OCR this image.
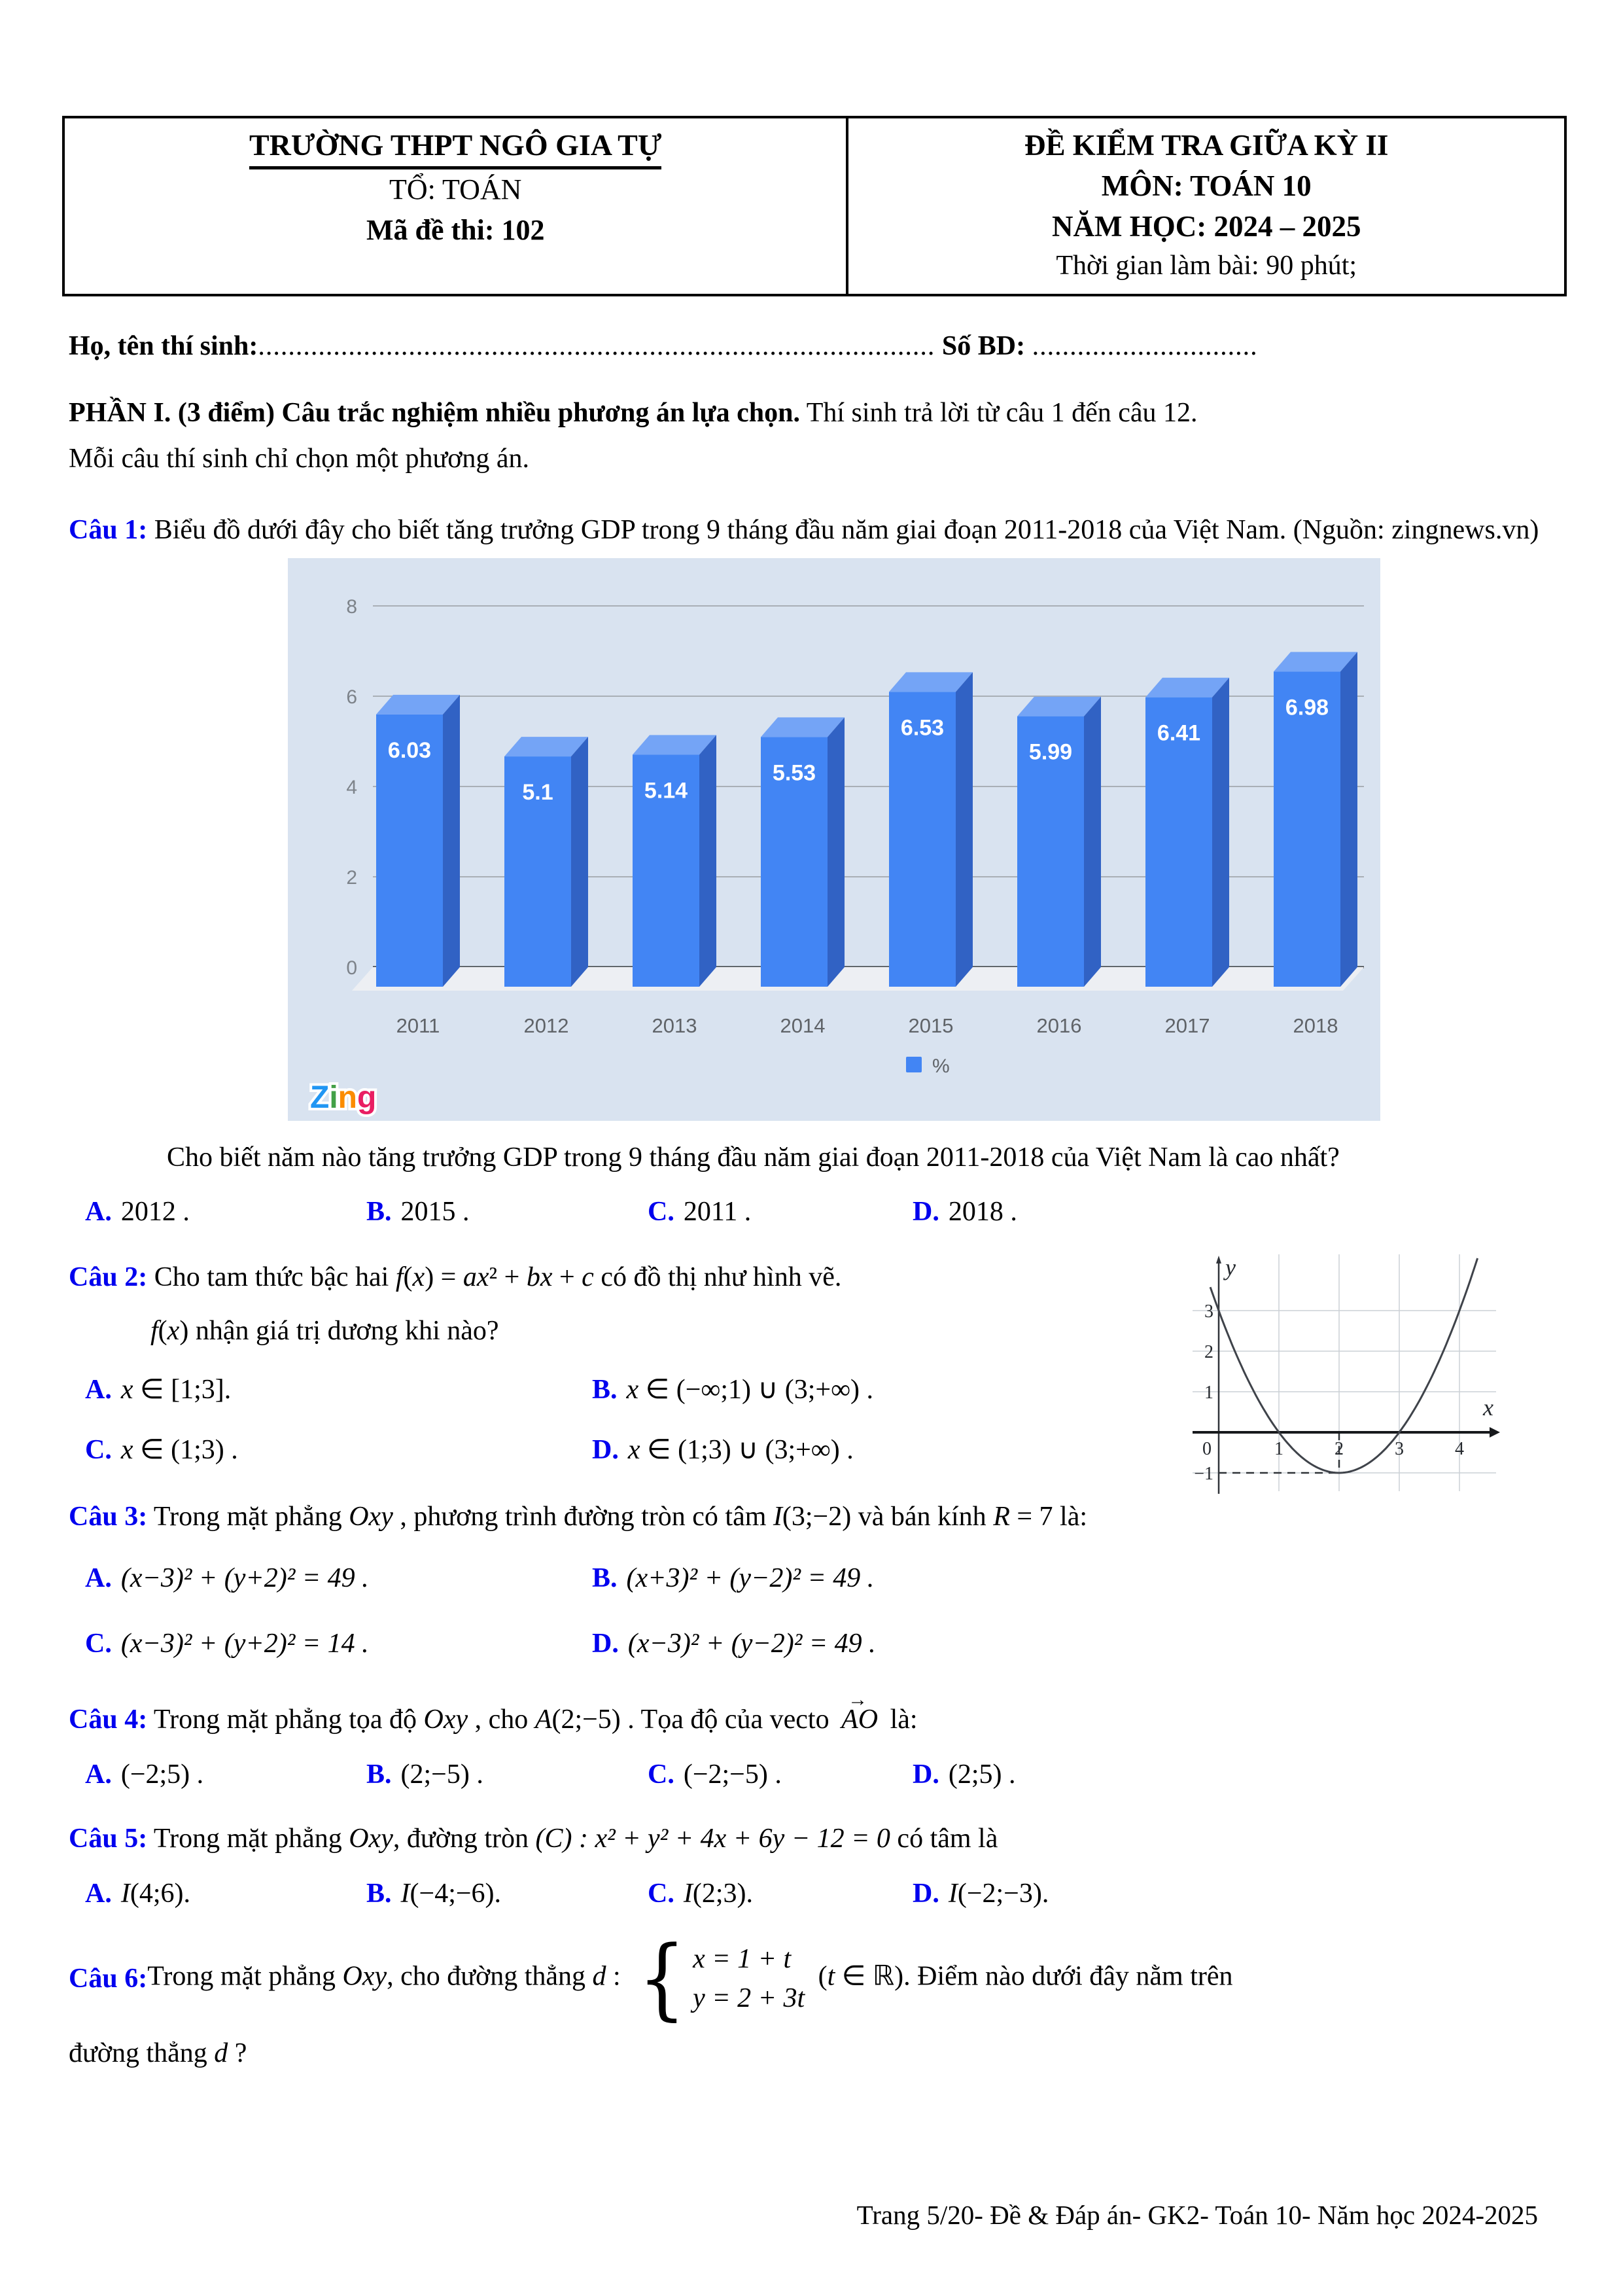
TRƯỜNG THPT NGÔ GIA TỰ
TỔ: TOÁN
Mã đề thi: 102

ĐỀ KIỂM TRA GIỮA KỲ II
MÔN: TOÁN 10
NĂM HỌC: 2024 – 2025
Thời gian làm bài: 90 phút;

Họ, tên thí sinh:.......................................................................................... Số BD: ..............................

PHẦN I. (3 điểm) Câu trắc nghiệm nhiều phương án lựa chọn. Thí sinh trả lời từ câu 1 đến câu 12.

Mỗi câu thí sinh chỉ chọn một phương án.

Câu 1: Biểu đồ dưới đây cho biết tăng trưởng GDP trong 9 tháng đầu năm giai đoạn 2011-2018 của Việt Nam. (Nguồn: zingnews.vn)

0
2
4
6
8
6.03
5.1	5.14
5.53
6.53
5.99
6.41
6.98
2011	2012	2013	2014	2015	2016	2017	2018
%
Zing

Cho biết năm nào tăng trưởng GDP trong 9 tháng đầu năm giai đoạn 2011-2018 của Việt Nam là cao nhất?

A. 2012 .	B. 2015 .	C. 2011 .	D. 2018 .

Câu 2: Cho tam thức bậc hai f(x) = ax² + bx + c có đồ thị như hình vẽ.	y
x
−1
1
2
3
0	1	2	3	4

f(x) nhận giá trị dương khi nào?

A. x ∈ [1;3].	B. x ∈ (−∞;1) ∪ (3;+∞) .
C. x ∈ (1;3) .	D. x ∈ (1;3) ∪ (3;+∞) .

Câu 3: Trong mặt phẳng Oxy , phương trình đường tròn có tâm I(3;−2) và bán kính R = 7 là:

A. (x−3)² + (y+2)² = 49 .	B. (x+3)² + (y−2)² = 49 .
C. (x−3)² + (y+2)² = 14 .	D. (x−3)² + (y−2)² = 49 .

Câu 4: Trong mặt phẳng tọa độ Oxy , cho A(2;−5) . Tọa độ của vecto
→
AO là:

A. (−2;5) .	B. (2;−5) .	C. (−2;−5) .	D. (2;5) .

Câu 5: Trong mặt phẳng Oxy, đường tròn (C) : x² + y² + 4x + 6y − 12 = 0 có tâm là

A. I(4;6).	B. I(−4;−6).	C. I(2;3).	D. I(−2;−3).

Câu 6: Trong mặt phẳng Oxy, cho đường thẳng d : { x = 1 + t
y = 2 + 3t
(t ∈ ℝ). Điểm nào dưới đây nằm trên

đường thẳng d ?

Trang 5/20- Đề & Đáp án- GK2- Toán 10- Năm học 2024-2025
